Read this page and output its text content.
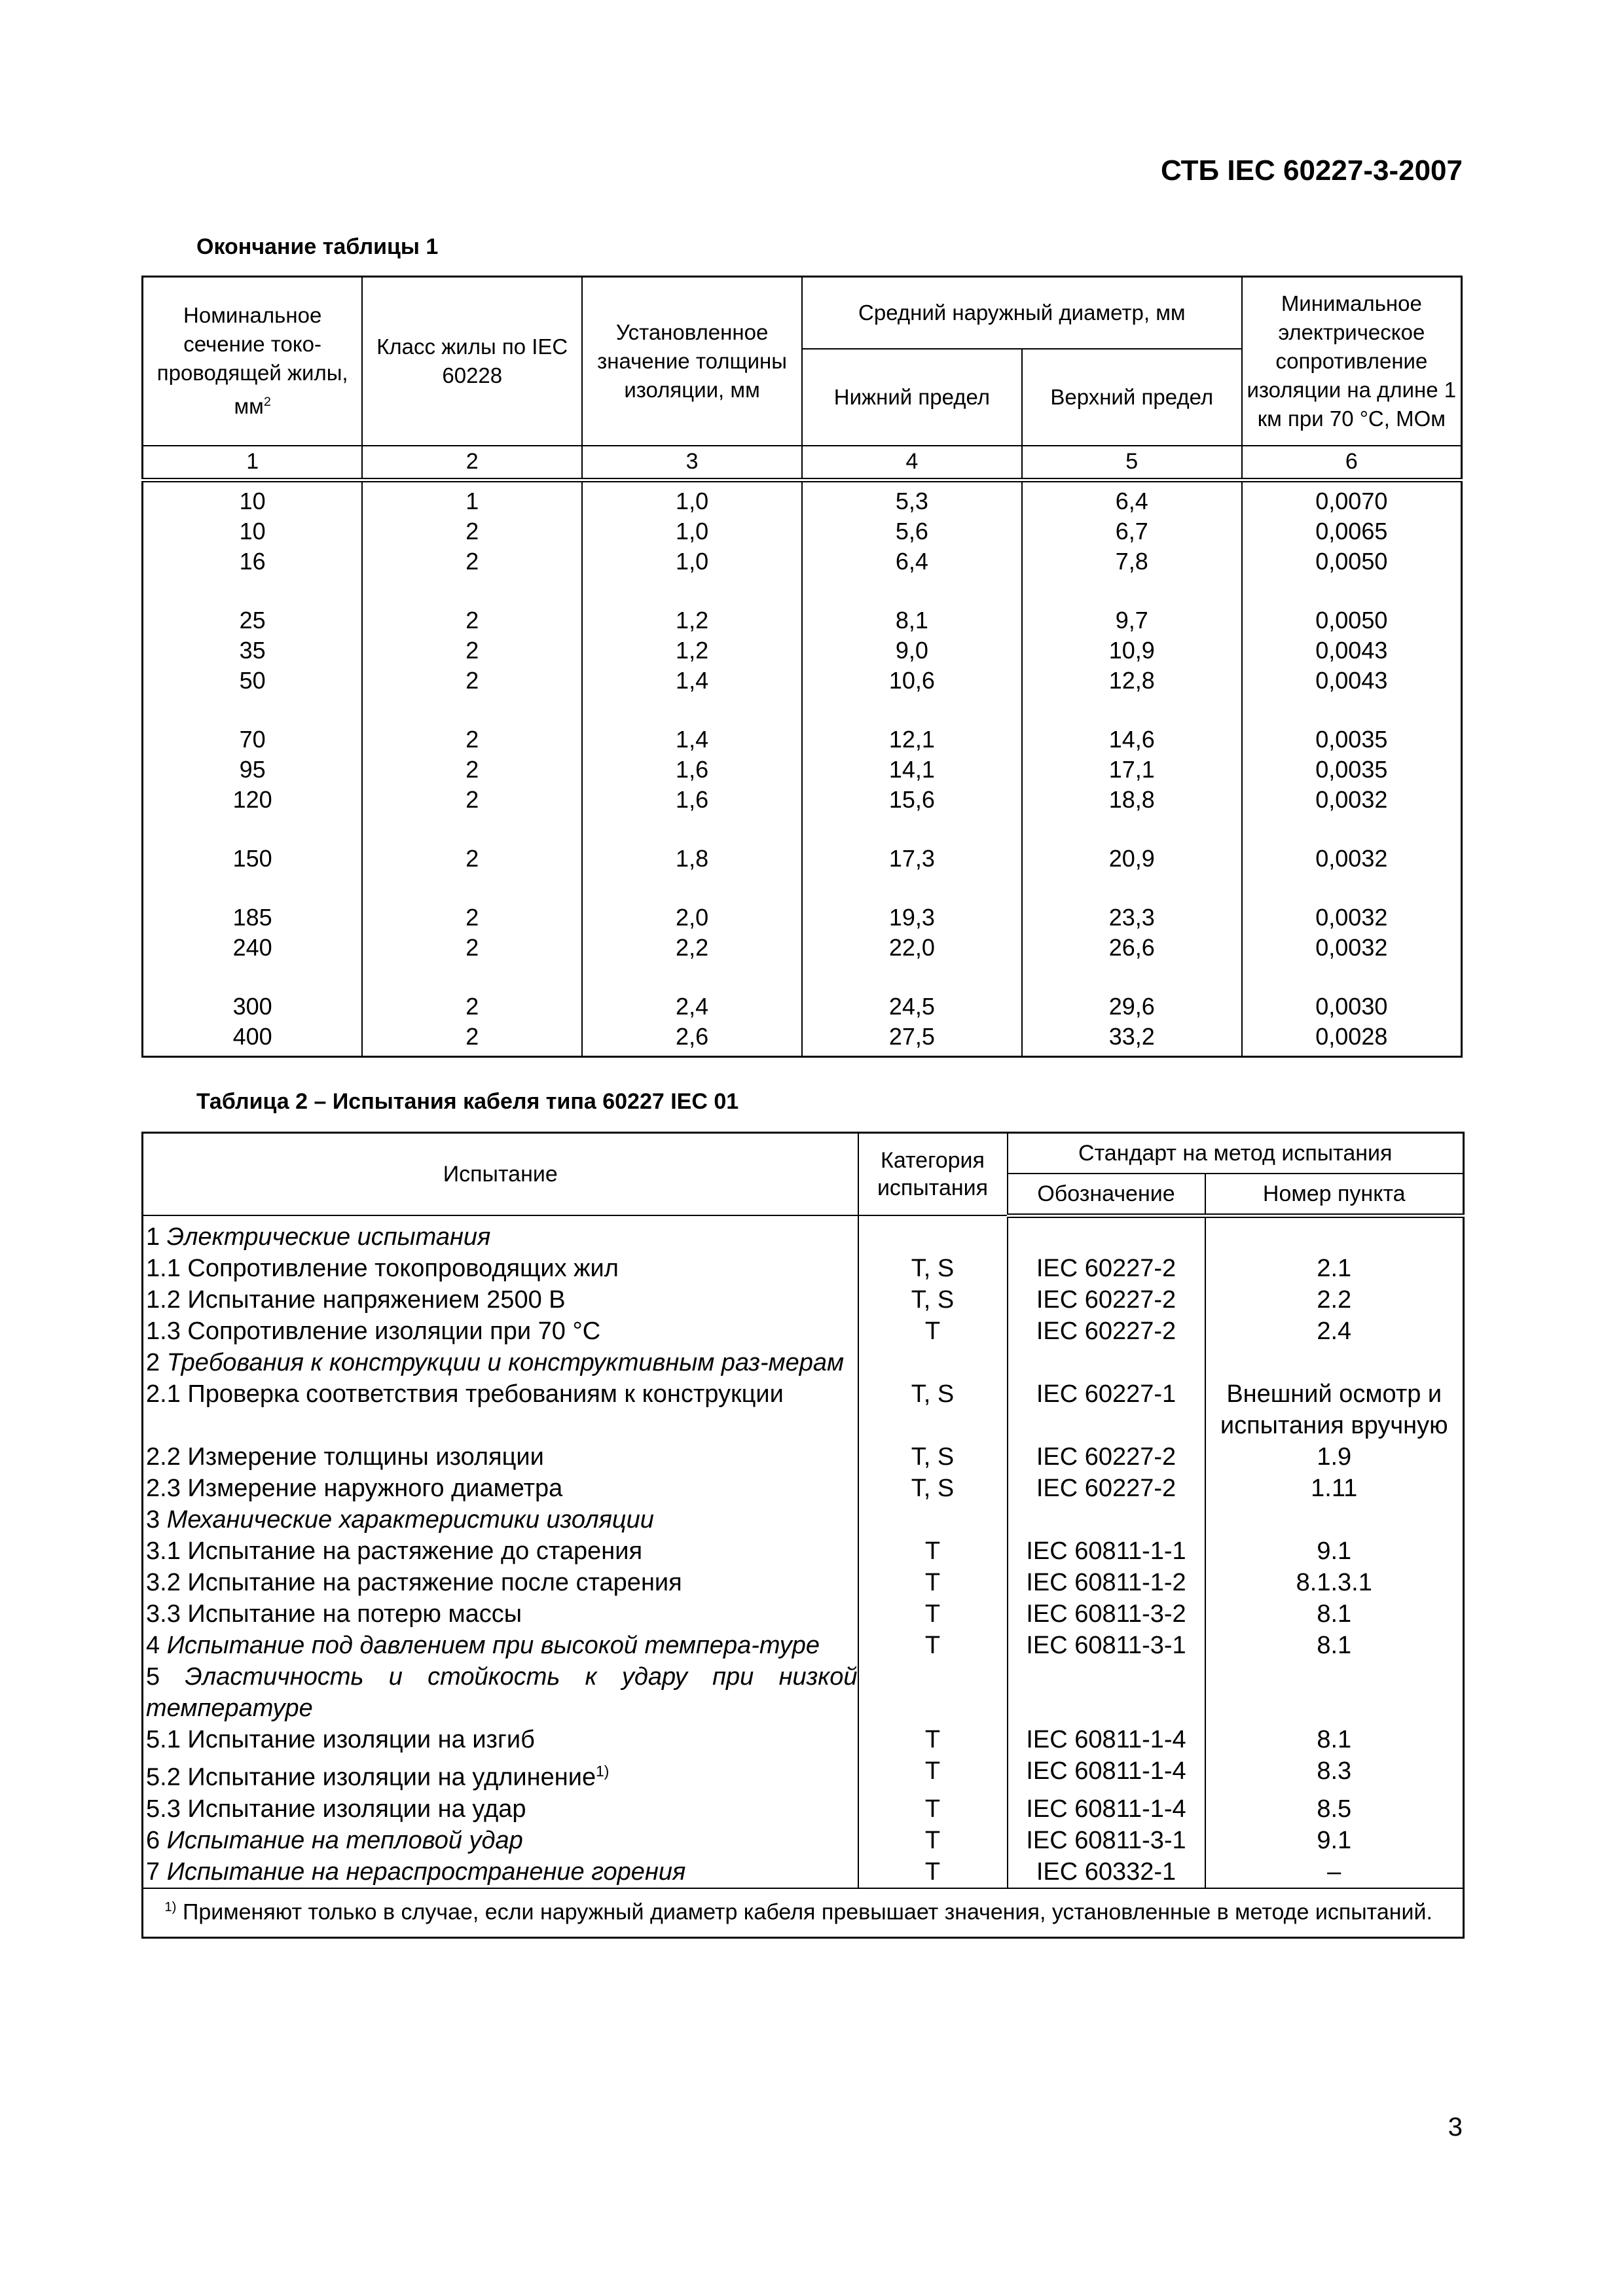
СТБ IEC 60227-3-2007
Окончание таблицы 1
Номинальное сечение токо-проводящей жилы, $мм^2$	Класс жилы по IEC 60228	Установленное значение толщины изоляции, мм	Средний наружный диаметр, мм		Минимальное электрическое сопротивление изоляции на длине 1 км при 70 °С, МОм
			Нижний предел	Верхний предел	
1	2	3	4	5	6
10	1	1,0	5,3	6,4	0,0070
10	2	1,0	5,6	6,7	0,0065
16	2	1,0	6,4	7,8	0,0050
25	2	1,2	8,1	9,7	0,0050
35	2	1,2	9,0	10,9	0,0043
50	2	1,4	10,6	12,8	0,0043
70	2	1,4	12,1	14,6	0,0035
95	2	1,6	14,1	17,1	0,0035
120	2	1,6	15,6	18,8	0,0032
150	2	1,8	17,3	20,9	0,0032
185	2	2,0	19,3	23,3	0,0032
240	2	2,2	22,0	26,6	0,0032
300	2	2,4	24,5	29,6	0,0030
400	2	2,6	27,5	33,2	0,0028
Таблица 2 – Испытания кабеля типа 60227 IEC 01
Испытание	Категория испытания	Стандарт на метод испытания	
		Обозначение	Номер пункта
1 Электрические испытания			
1.1 Сопротивление токопроводящих жил	T, S	IEC 60227-2	2.1
1.2 Испытание напряжением 2500 В	T, S	IEC 60227-2	2.2
1.3 Сопротивление изоляции при 70 °С	T	IEC 60227-2	2.4
2 Требования к конструкции и конструктивным раз-мерам			
2.1 Проверка соответствия требованиям к конструкции	T, S	IEC 60227-1	Внешний осмотр и испытания вручную
2.2 Измерение толщины изоляции	T, S	IEC 60227-2	1.9
2.3 Измерение наружного диаметра	T, S	IEC 60227-2	1.11
3 Механические характеристики изоляции			
3.1 Испытание на растяжение до старения	T	IEC 60811-1-1	9.1
3.2 Испытание на растяжение после старения	T	IEC 60811-1-2	8.1.3.1
3.3 Испытание на потерю массы	T	IEC 60811-3-2	8.1
4 Испытание под давлением при высокой темпера-туре	T	IEC 60811-3-1	8.1
5 Эластичность и стойкость к удару при низкой температуре			
5.1 Испытание изоляции на изгиб	T	IEC 60811-1-4	8.1
5.2 Испытание изоляции на удлинение$^{1)}$	T	IEC 60811-1-4	8.3
5.3 Испытание изоляции на удар	T	IEC 60811-1-4	8.5
6 Испытание на тепловой удар	T	IEC 60811-3-1	9.1
7 Испытание на нераспространение горения	T	IEC 60332-1	–
$^{1)}$ Применяют только в случае, если наружный диаметр кабеля превышает значения, установленные в методе испытаний.			
3
